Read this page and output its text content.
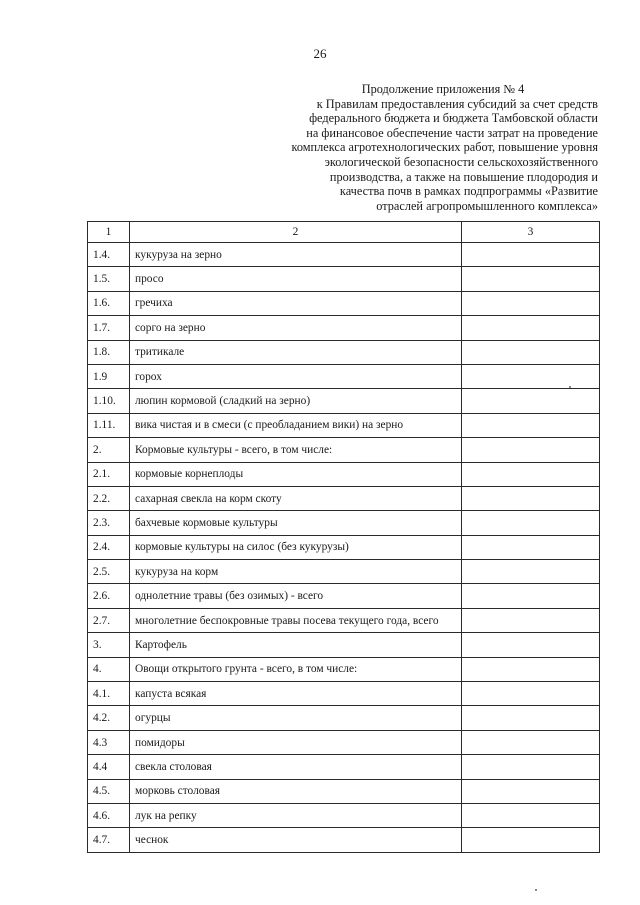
26
Продолжение приложения № 4
к Правилам предоставления субсидий за счет средств
федерального бюджета и бюджета Тамбовской области
на финансовое обеспечение части затрат на проведение
комплекса агротехнологических работ, повышение уровня
экологической безопасности сельскохозяйственного
производства, а также на повышение плодородия и
качества почв в рамках подпрограммы «Развитие
отраслей агропромышленного комплекса»
1	2	3
1.4.	кукуруза на зерно	
1.5.	просо	
1.6.	гречиха	
1.7.	сорго на зерно	
1.8.	тритикале	
1.9	горох	
1.10.	люпин кормовой (сладкий на зерно)	
1.11.	вика чистая и в смеси (с преобладанием вики) на зерно	
2.	Кормовые культуры - всего, в том числе:	
2.1.	кормовые корнеплоды	
2.2.	сахарная свекла на корм скоту	
2.3.	бахчевые кормовые культуры	
2.4.	кормовые культуры на силос (без кукурузы)	
2.5.	кукуруза на корм	
2.6.	однолетние травы (без озимых) - всего	
2.7.	многолетние беспокровные травы посева текущего года, всего	
3.	Картофель	
4.	Овощи открытого грунта - всего, в том числе:	
4.1.	капуста всякая	
4.2.	огурцы	
4.3	помидоры	
4.4	свекла столовая	
4.5.	морковь столовая	
4.6.	лук на репку	
4.7.	чеснок	
